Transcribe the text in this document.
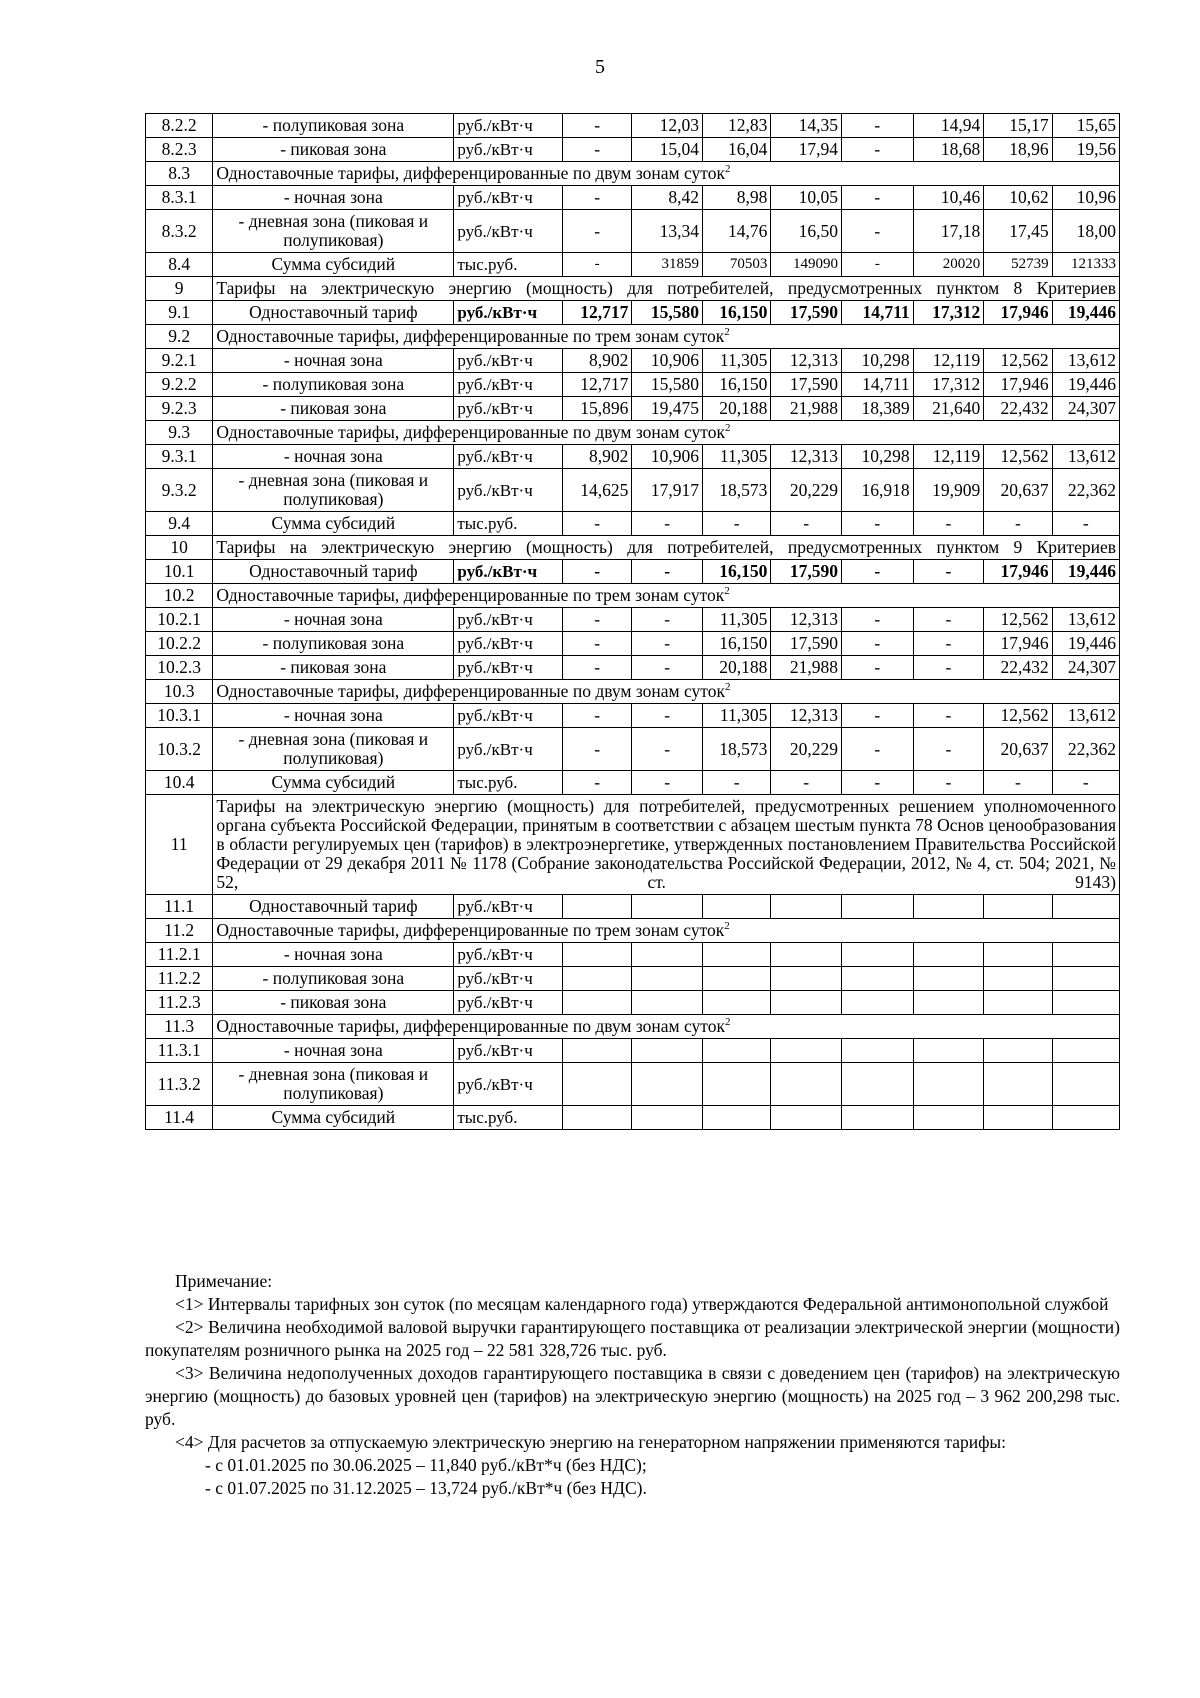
5
8.2.2	- полупиковая зона	руб./кВт·ч	-	12,03	12,83	14,35	-	14,94	15,17	15,65
8.2.3	- пиковая зона	руб./кВт·ч	-	15,04	16,04	17,94	-	18,68	18,96	19,56
8.3	Одноставочные тарифы, дифференцированные по двум зонам суток$^2$
8.3.1	- ночная зона	руб./кВт·ч	-	8,42	8,98	10,05	-	10,46	10,62	10,96
8.3.2	- дневная зона (пиковая и полупиковая)	руб./кВт·ч	-	13,34	14,76	16,50	-	17,18	17,45	18,00
8.4	Сумма субсидий	тыс.руб.	-	31859	70503	149090	-	20020	52739	121333
9	Тарифы на электрическую энергию (мощность) для потребителей, предусмотренных пунктом 8 Критериев									
9.1	Одноставочный тариф	руб./кВт·ч	12,717	15,580	16,150	17,590	14,711	17,312	17,946	19,446
9.2	Одноставочные тарифы, дифференцированные по трем зонам суток$^2$
9.2.1	- ночная зона	руб./кВт·ч	8,902	10,906	11,305	12,313	10,298	12,119	12,562	13,612
9.2.2	- полупиковая зона	руб./кВт·ч	12,717	15,580	16,150	17,590	14,711	17,312	17,946	19,446
9.2.3	- пиковая зона	руб./кВт·ч	15,896	19,475	20,188	21,988	18,389	21,640	22,432	24,307
9.3	Одноставочные тарифы, дифференцированные по двум зонам суток$^2$
9.3.1	- ночная зона	руб./кВт·ч	8,902	10,906	11,305	12,313	10,298	12,119	12,562	13,612
9.3.2	- дневная зона (пиковая и полупиковая)	руб./кВт·ч	14,625	17,917	18,573	20,229	16,918	19,909	20,637	22,362
9.4	Сумма субсидий	тыс.руб.	-	-	-	-	-	-	-	-
10	Тарифы на электрическую энергию (мощность) для потребителей, предусмотренных пунктом 9 Критериев									
10.1	Одноставочный тариф	руб./кВт·ч	-	-	16,150	17,590	-	-	17,946	19,446
10.2	Одноставочные тарифы, дифференцированные по трем зонам суток$^2$
10.2.1	- ночная зона	руб./кВт·ч	-	-	11,305	12,313	-	-	12,562	13,612
10.2.2	- полупиковая зона	руб./кВт·ч	-	-	16,150	17,590	-	-	17,946	19,446
10.2.3	- пиковая зона	руб./кВт·ч	-	-	20,188	21,988	-	-	22,432	24,307
10.3	Одноставочные тарифы, дифференцированные по двум зонам суток$^2$
10.3.1	- ночная зона	руб./кВт·ч	-	-	11,305	12,313	-	-	12,562	13,612
10.3.2	- дневная зона (пиковая и полупиковая)	руб./кВт·ч	-	-	18,573	20,229	-	-	20,637	22,362
10.4	Сумма субсидий	тыс.руб.	-	-	-	-	-	-	-	-
11	Тарифы на электрическую энергию (мощность) для потребителей, предусмотренных решением уполномоченного органа субъекта Российской Федерации, принятым в соответствии с абзацем шестым пункта 78 Основ ценообразования в области регулируемых цен (тарифов) в электроэнергетике, утвержденных постановлением Правительства Российской Федерации от 29 декабря 2011 № 1178 (Собрание законодательства Российской Федерации, 2012, № 4, ст. 504; 2021, № 52, ст. 9143)									
11.1	Одноставочный тариф	руб./кВт·ч								
11.2	Одноставочные тарифы, дифференцированные по трем зонам суток$^2$
11.2.1	- ночная зона	руб./кВт·ч								
11.2.2	- полупиковая зона	руб./кВт·ч								
11.2.3	- пиковая зона	руб./кВт·ч								
11.3	Одноставочные тарифы, дифференцированные по двум зонам суток$^2$
11.3.1	- ночная зона	руб./кВт·ч								
11.3.2	- дневная зона (пиковая и полупиковая)	руб./кВт·ч								
11.4	Сумма субсидий	тыс.руб.								

Примечание:

<1> Интервалы тарифных зон суток (по месяцам календарного года) утверждаются Федеральной антимонопольной службой

<2> Величина необходимой валовой выручки гарантирующего поставщика от реализации электрической энергии (мощности) покупателям розничного рынка на 2025 год – 22 581 328,726 тыс. руб.

<3> Величина недополученных доходов гарантирующего поставщика в связи с доведением цен (тарифов) на электрическую энергию (мощность) до базовых уровней цен (тарифов) на электрическую энергию (мощность) на 2025 год – 3 962 200,298 тыс. руб.

<4> Для расчетов за отпускаемую электрическую энергию на генераторном напряжении применяются тарифы:

- с 01.01.2025 по 30.06.2025 – 11,840 руб./кВт*ч (без НДС);

- с 01.07.2025 по 31.12.2025 – 13,724 руб./кВт*ч (без НДС).
